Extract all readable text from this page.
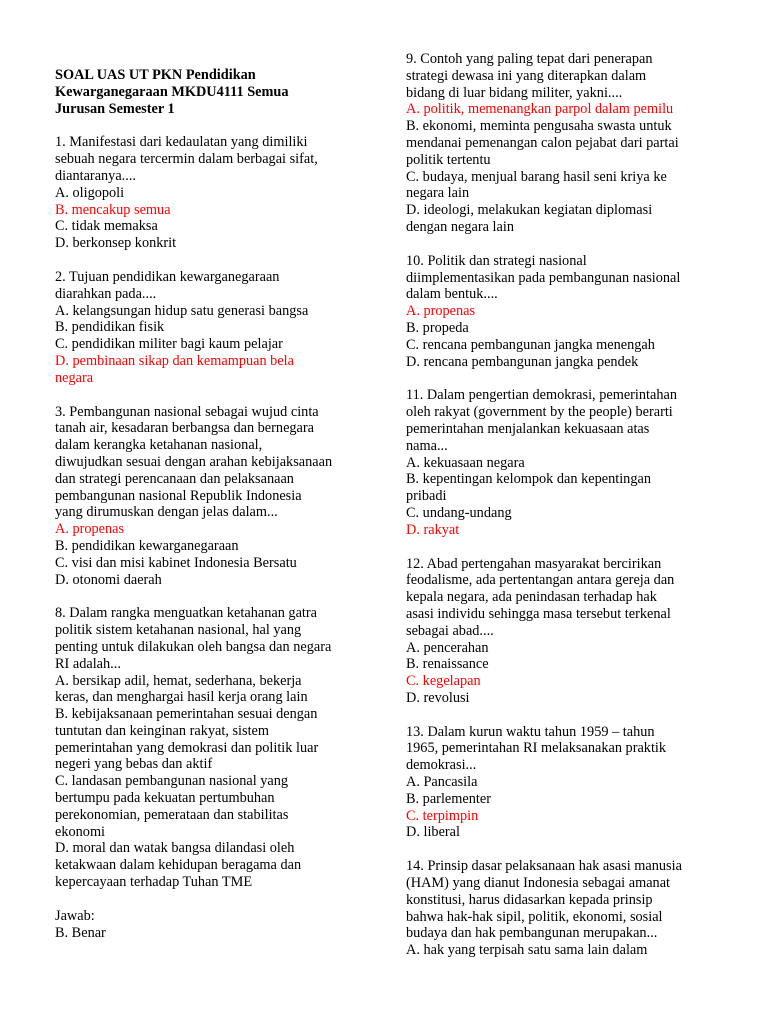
SOAL UAS UT PKN Pendidikan
Kewarganegaraan MKDU4111 Semua
Jurusan Semester 1
1. Manifestasi dari kedaulatan yang dimiliki
sebuah negara tercermin dalam berbagai sifat,
diantaranya....
A. oligopoli
B. mencakup semua
C. tidak memaksa
D. berkonsep konkrit
2. Tujuan pendidikan kewarganegaraan
diarahkan pada....
A. kelangsungan hidup satu generasi bangsa
B. pendidikan fisik
C. pendidikan militer bagi kaum pelajar
D. pembinaan sikap dan kemampuan bela
negara
3. Pembangunan nasional sebagai wujud cinta
tanah air, kesadaran berbangsa dan bernegara
dalam kerangka ketahanan nasional,
diwujudkan sesuai dengan arahan kebijaksanaan
dan strategi perencanaan dan pelaksanaan
pembangunan nasional Republik Indonesia
yang dirumuskan dengan jelas dalam...
A. propenas
B. pendidikan kewarganegaraan
C. visi dan misi kabinet Indonesia Bersatu
D. otonomi daerah
8. Dalam rangka menguatkan ketahanan gatra
politik sistem ketahanan nasional, hal yang
penting untuk dilakukan oleh bangsa dan negara
RI adalah...
A. bersikap adil, hemat, sederhana, bekerja
keras, dan menghargai hasil kerja orang lain
B. kebijaksanaan pemerintahan sesuai dengan
tuntutan dan keinginan rakyat, sistem
pemerintahan yang demokrasi dan politik luar
negeri yang bebas dan aktif
C. landasan pembangunan nasional yang
bertumpu pada kekuatan pertumbuhan
perekonomian, pemerataan dan stabilitas
ekonomi
D. moral dan watak bangsa dilandasi oleh
ketakwaan dalam kehidupan beragama dan
kepercayaan terhadap Tuhan TME
Jawab:
B. Benar
9. Contoh yang paling tepat dari penerapan
strategi dewasa ini yang diterapkan dalam
bidang di luar bidang militer, yakni....
A. politik, memenangkan parpol dalam pemilu
B. ekonomi, meminta pengusaha swasta untuk
mendanai pemenangan calon pejabat dari partai
politik tertentu
C. budaya, menjual barang hasil seni kriya ke
negara lain
D. ideologi, melakukan kegiatan diplomasi
dengan negara lain
10. Politik dan strategi nasional
diimplementasikan pada pembangunan nasional
dalam bentuk....
A. propenas
B. propeda
C. rencana pembangunan jangka menengah
D. rencana pembangunan jangka pendek
11. Dalam pengertian demokrasi, pemerintahan
oleh rakyat (government by the people) berarti
pemerintahan menjalankan kekuasaan atas
nama...
A. kekuasaan negara
B. kepentingan kelompok dan kepentingan
pribadi
C. undang-undang
D. rakyat
12. Abad pertengahan masyarakat bercirikan
feodalisme, ada pertentangan antara gereja dan
kepala negara, ada penindasan terhadap hak
asasi individu sehingga masa tersebut terkenal
sebagai abad....
A. pencerahan
B. renaissance
C. kegelapan
D. revolusi
13. Dalam kurun waktu tahun 1959 – tahun
1965, pemerintahan RI melaksanakan praktik
demokrasi...
A. Pancasila
B. parlementer
C. terpimpin
D. liberal
14. Prinsip dasar pelaksanaan hak asasi manusia
(HAM) yang dianut Indonesia sebagai amanat
konstitusi, harus didasarkan kepada prinsip
bahwa hak-hak sipil, politik, ekonomi, sosial
budaya dan hak pembangunan merupakan...
A. hak yang terpisah satu sama lain dalam
